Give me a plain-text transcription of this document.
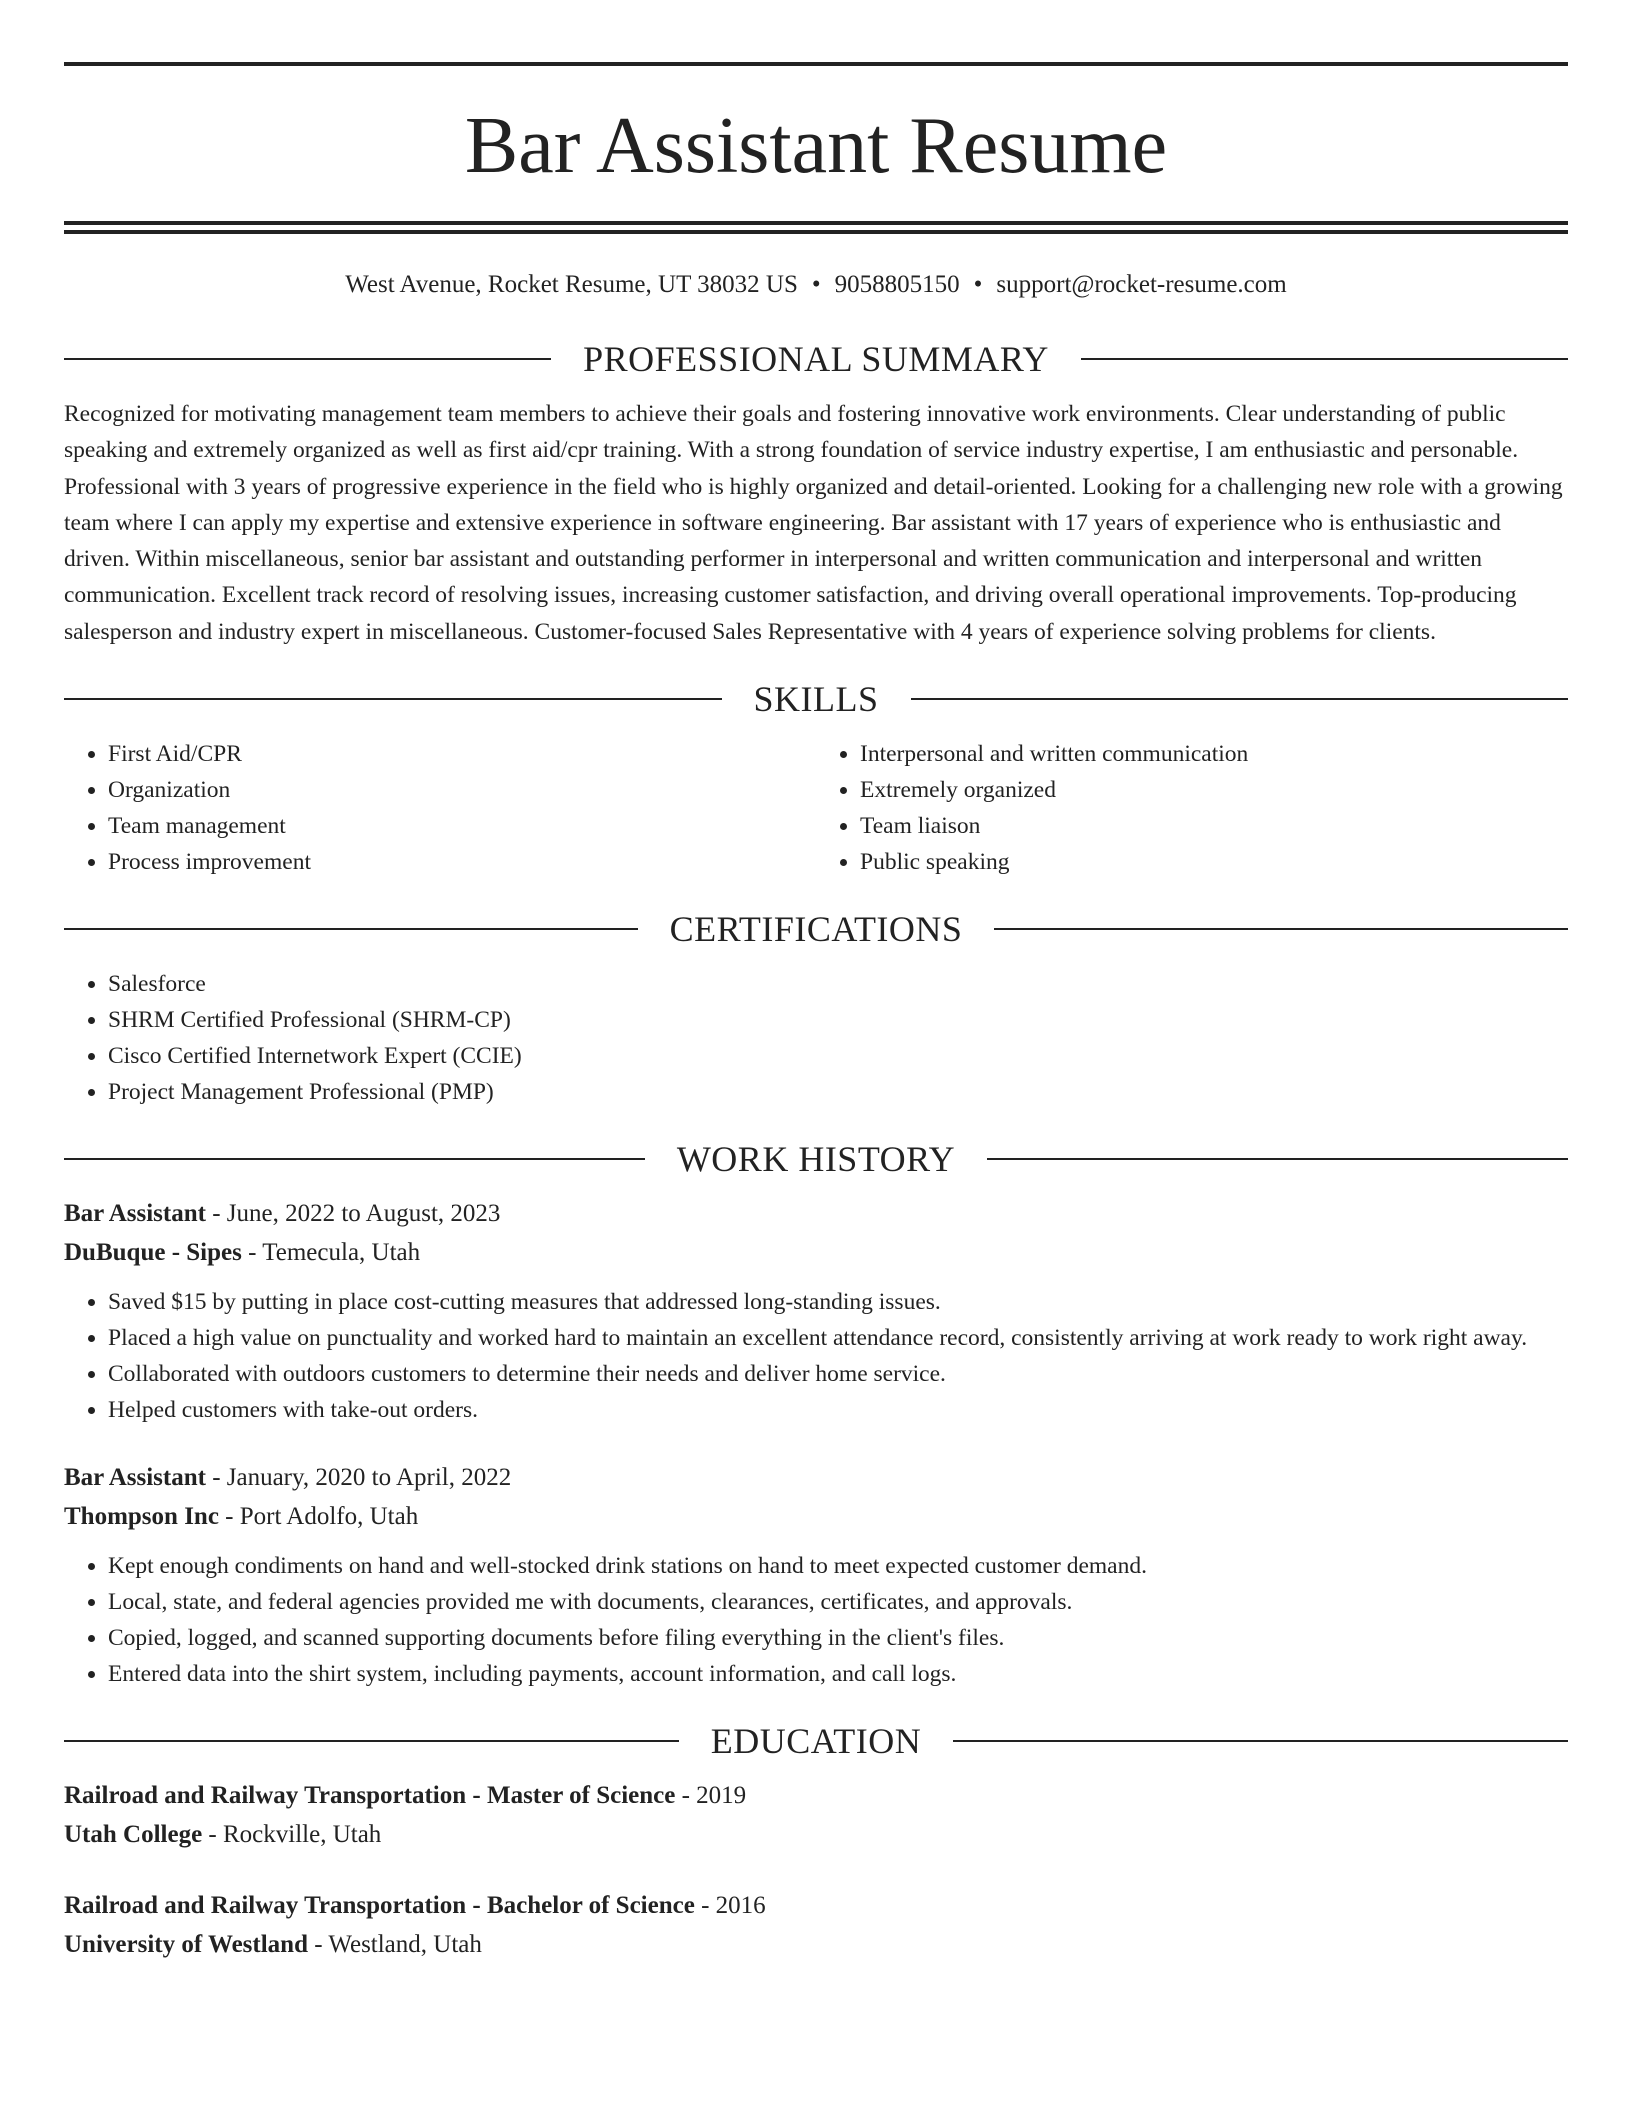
Bar Assistant Resume
West Avenue, Rocket Resume, UT 38032 US • 9058805150 • support@rocket-resume.com
PROFESSIONAL SUMMARY

Recognized for motivating management team members to achieve their goals and fostering innovative work environments. Clear understanding of public speaking and extremely organized as well as first aid/cpr training. With a strong foundation of service industry expertise, I am enthusiastic and personable. Professional with 3 years of progressive experience in the field who is highly organized and detail-oriented. Looking for a challenging new role with a growing team where I can apply my expertise and extensive experience in software engineering. Bar assistant with 17 years of experience who is enthusiastic and driven. Within miscellaneous, senior bar assistant and outstanding performer in interpersonal and written communication and interpersonal and written communication. Excellent track record of resolving issues, increasing customer satisfaction, and driving overall operational improvements. Top-producing salesperson and industry expert in miscellaneous. Customer-focused Sales Representative with 4 years of experience solving problems for clients.

SKILLS
• First Aid/CPR
• Organization
• Team management
• Process improvement
• Interpersonal and written communication
• Extremely organized
• Team liaison
• Public speaking
CERTIFICATIONS
• Salesforce
• SHRM Certified Professional (SHRM-CP)
• Cisco Certified Internetwork Expert (CCIE)
• Project Management Professional (PMP)
WORK HISTORY
Bar Assistant - June, 2022 to August, 2023
DuBuque - Sipes - Temecula, Utah
• Saved $15 by putting in place cost-cutting measures that addressed long-standing issues.
• Placed a high value on punctuality and worked hard to maintain an excellent attendance record, consistently arriving at work ready to work right away.
• Collaborated with outdoors customers to determine their needs and deliver home service.
• Helped customers with take-out orders.
Bar Assistant - January, 2020 to April, 2022
Thompson Inc - Port Adolfo, Utah
• Kept enough condiments on hand and well-stocked drink stations on hand to meet expected customer demand.
• Local, state, and federal agencies provided me with documents, clearances, certificates, and approvals.
• Copied, logged, and scanned supporting documents before filing everything in the client's files.
• Entered data into the shirt system, including payments, account information, and call logs.
EDUCATION
Railroad and Railway Transportation - Master of Science - 2019
Utah College - Rockville, Utah
Railroad and Railway Transportation - Bachelor of Science - 2016
University of Westland - Westland, Utah
